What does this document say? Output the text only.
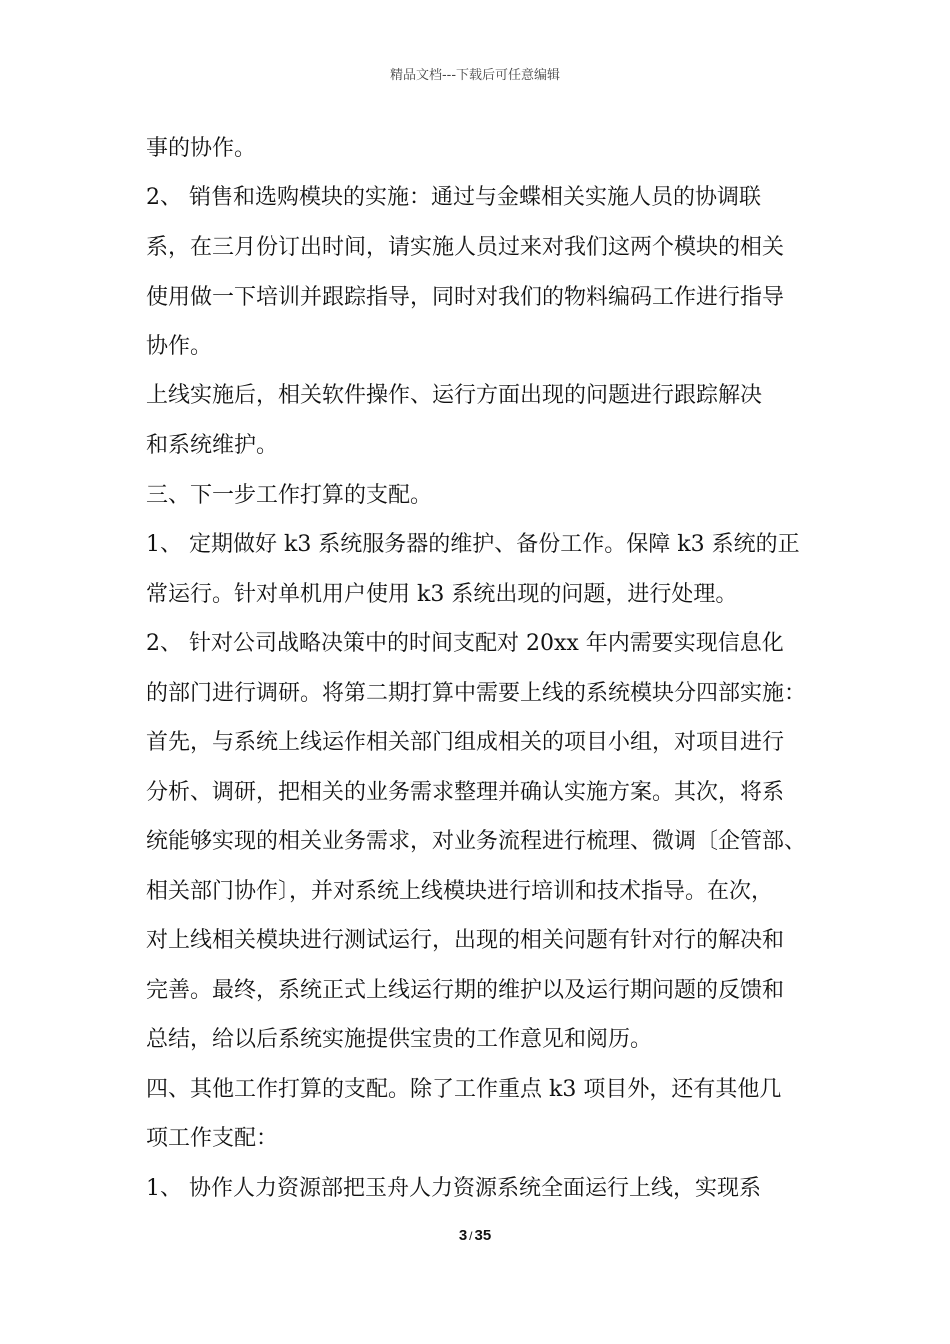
精品文档---下载后可任意编辑
事的协作。
2、 销售和选购模块的实施：通过与金蝶相关实施人员的协调联
系，在三月份订出时间，请实施人员过来对我们这两个模块的相关
使用做一下培训并跟踪指导，同时对我们的物料编码工作进行指导
协作。
上线实施后，相关软件操作、运行方面出现的问题进行跟踪解决
和系统维护。
三、下一步工作打算的支配。
1、 定期做好 k3 系统服务器的维护、备份工作。保障 k3 系统的正
常运行。针对单机用户使用 k3 系统出现的问题，进行处理。
2、 针对公司战略决策中的时间支配对 20xx 年内需要实现信息化
的部门进行调研。将第二期打算中需要上线的系统模块分四部实施：
首先，与系统上线运作相关部门组成相关的项目小组，对项目进行
分析、调研，把相关的业务需求整理并确认实施方案。其次，将系
统能够实现的相关业务需求，对业务流程进行梳理、微调〔企管部、
相关部门协作〕，并对系统上线模块进行培训和技术指导。在次，
对上线相关模块进行测试运行，出现的相关问题有针对行的解决和
完善。最终，系统正式上线运行期的维护以及运行期问题的反馈和
总结，给以后系统实施提供宝贵的工作意见和阅历。
四、其他工作打算的支配。除了工作重点 k3 项目外，还有其他几
项工作支配：
1、 协作人力资源部把玉舟人力资源系统全面运行上线，实现系
3 / 35
